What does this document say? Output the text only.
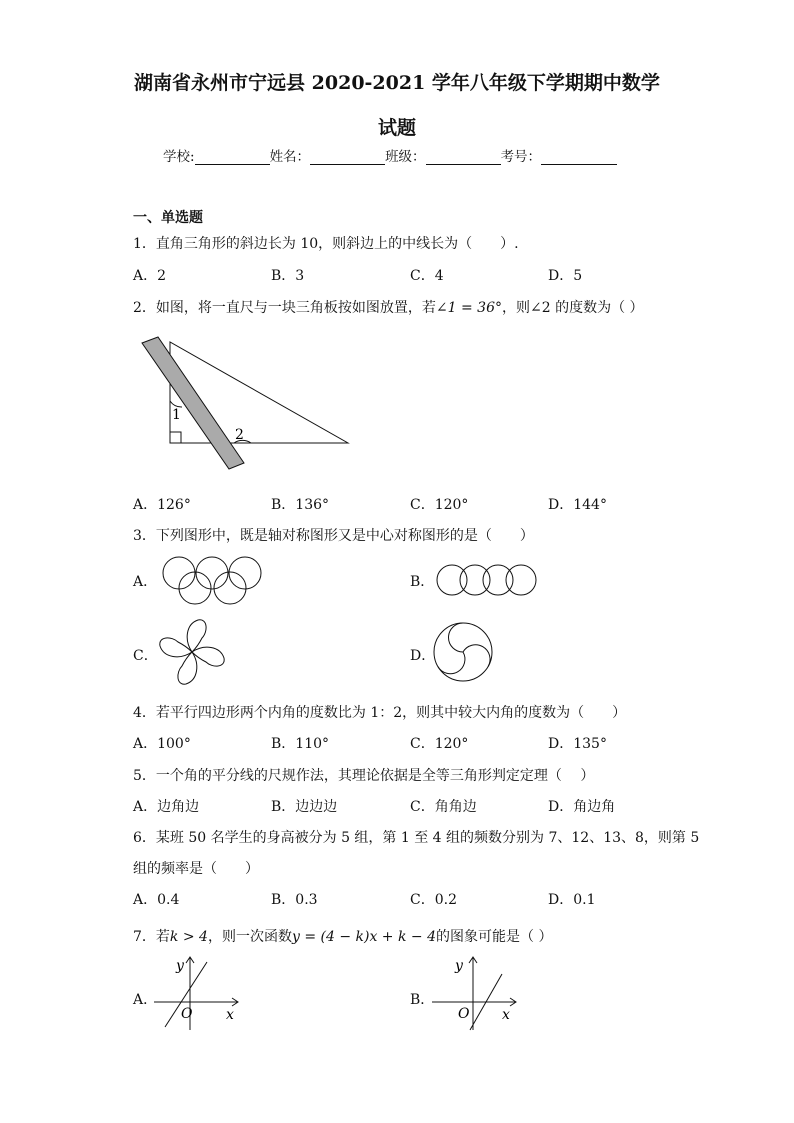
湖南省永州市宁远县 2020-2021 学年八年级下学期期中数学
试题
学校:	姓名：	班级：	考号：
一、单选题
1．直角三角形的斜边长为 10，则斜边上的中线长为（　　）.
A．2	B．3	C．4	D．5
2．如图，将一直尺与一块三角板按如图放置，若∠1 = 36°，则∠2 的度数为（ ）
1
2
A．126°	B．136°	C．120°	D．144°
3．下列图形中，既是轴对称图形又是中心对称图形的是（　　）
A．	B．
C．	D．
4．若平行四边形两个内角的度数比为 1：2，则其中较大内角的度数为（　　）
A．100°	B．110°	C．120°	D．135°
5．一个角的平分线的尺规作法，其理论依据是全等三角形判定定理（　 ）
A．边角边	B．边边边	C．角角边	D．角边角
6．某班 50 名学生的身高被分为 5 组，第 1 至 4 组的频数分别为 7、12、13、8，则第 5
组的频率是（　　）
A．0.4	B．0.3	C．0.2	D．0.1
7．若k > 4，则一次函数y = (4 − k)x + k − 4的图象可能是（ ）
A．
y
x
O
B．
y
x
O
